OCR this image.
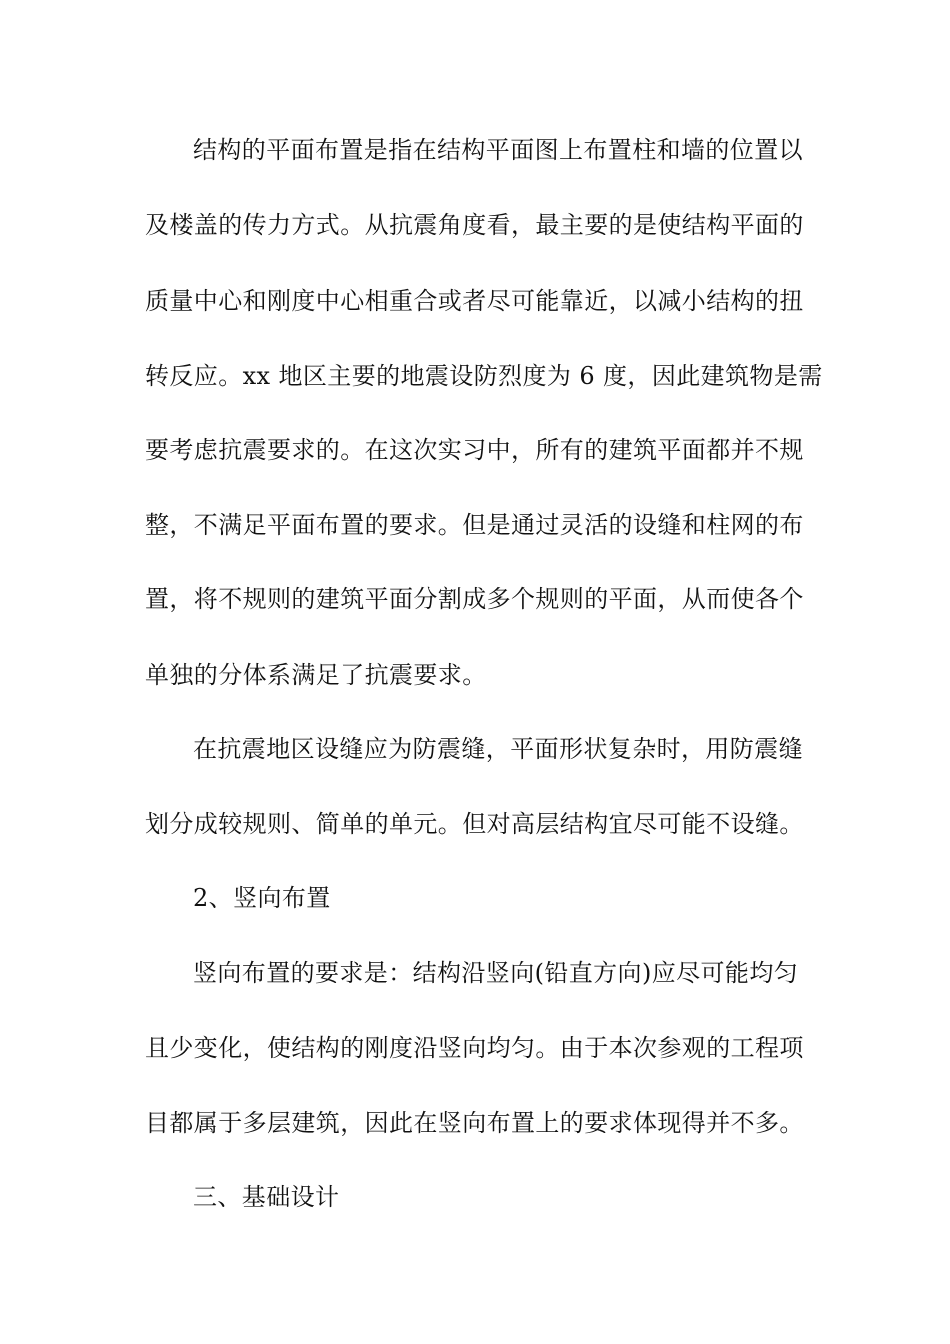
结构的平面布置是指在结构平面图上布置柱和墙的位置以
及楼盖的传力方式。从抗震角度看，最主要的是使结构平面的
质量中心和刚度中心相重合或者尽可能靠近，以减小结构的扭
转反应。xx 地区主要的地震设防烈度为 6 度，因此建筑物是需
要考虑抗震要求的。在这次实习中，所有的建筑平面都并不规
整，不满足平面布置的要求。但是通过灵活的设缝和柱网的布
置，将不规则的建筑平面分割成多个规则的平面，从而使各个
单独的分体系满足了抗震要求。
在抗震地区设缝应为防震缝，平面形状复杂时，用防震缝
划分成较规则、简单的单元。但对高层结构宜尽可能不设缝。
2、竖向布置
竖向布置的要求是：结构沿竖向(铅直方向)应尽可能均匀
且少变化，使结构的刚度沿竖向均匀。由于本次参观的工程项
目都属于多层建筑，因此在竖向布置上的要求体现得并不多。
三、基础设计
